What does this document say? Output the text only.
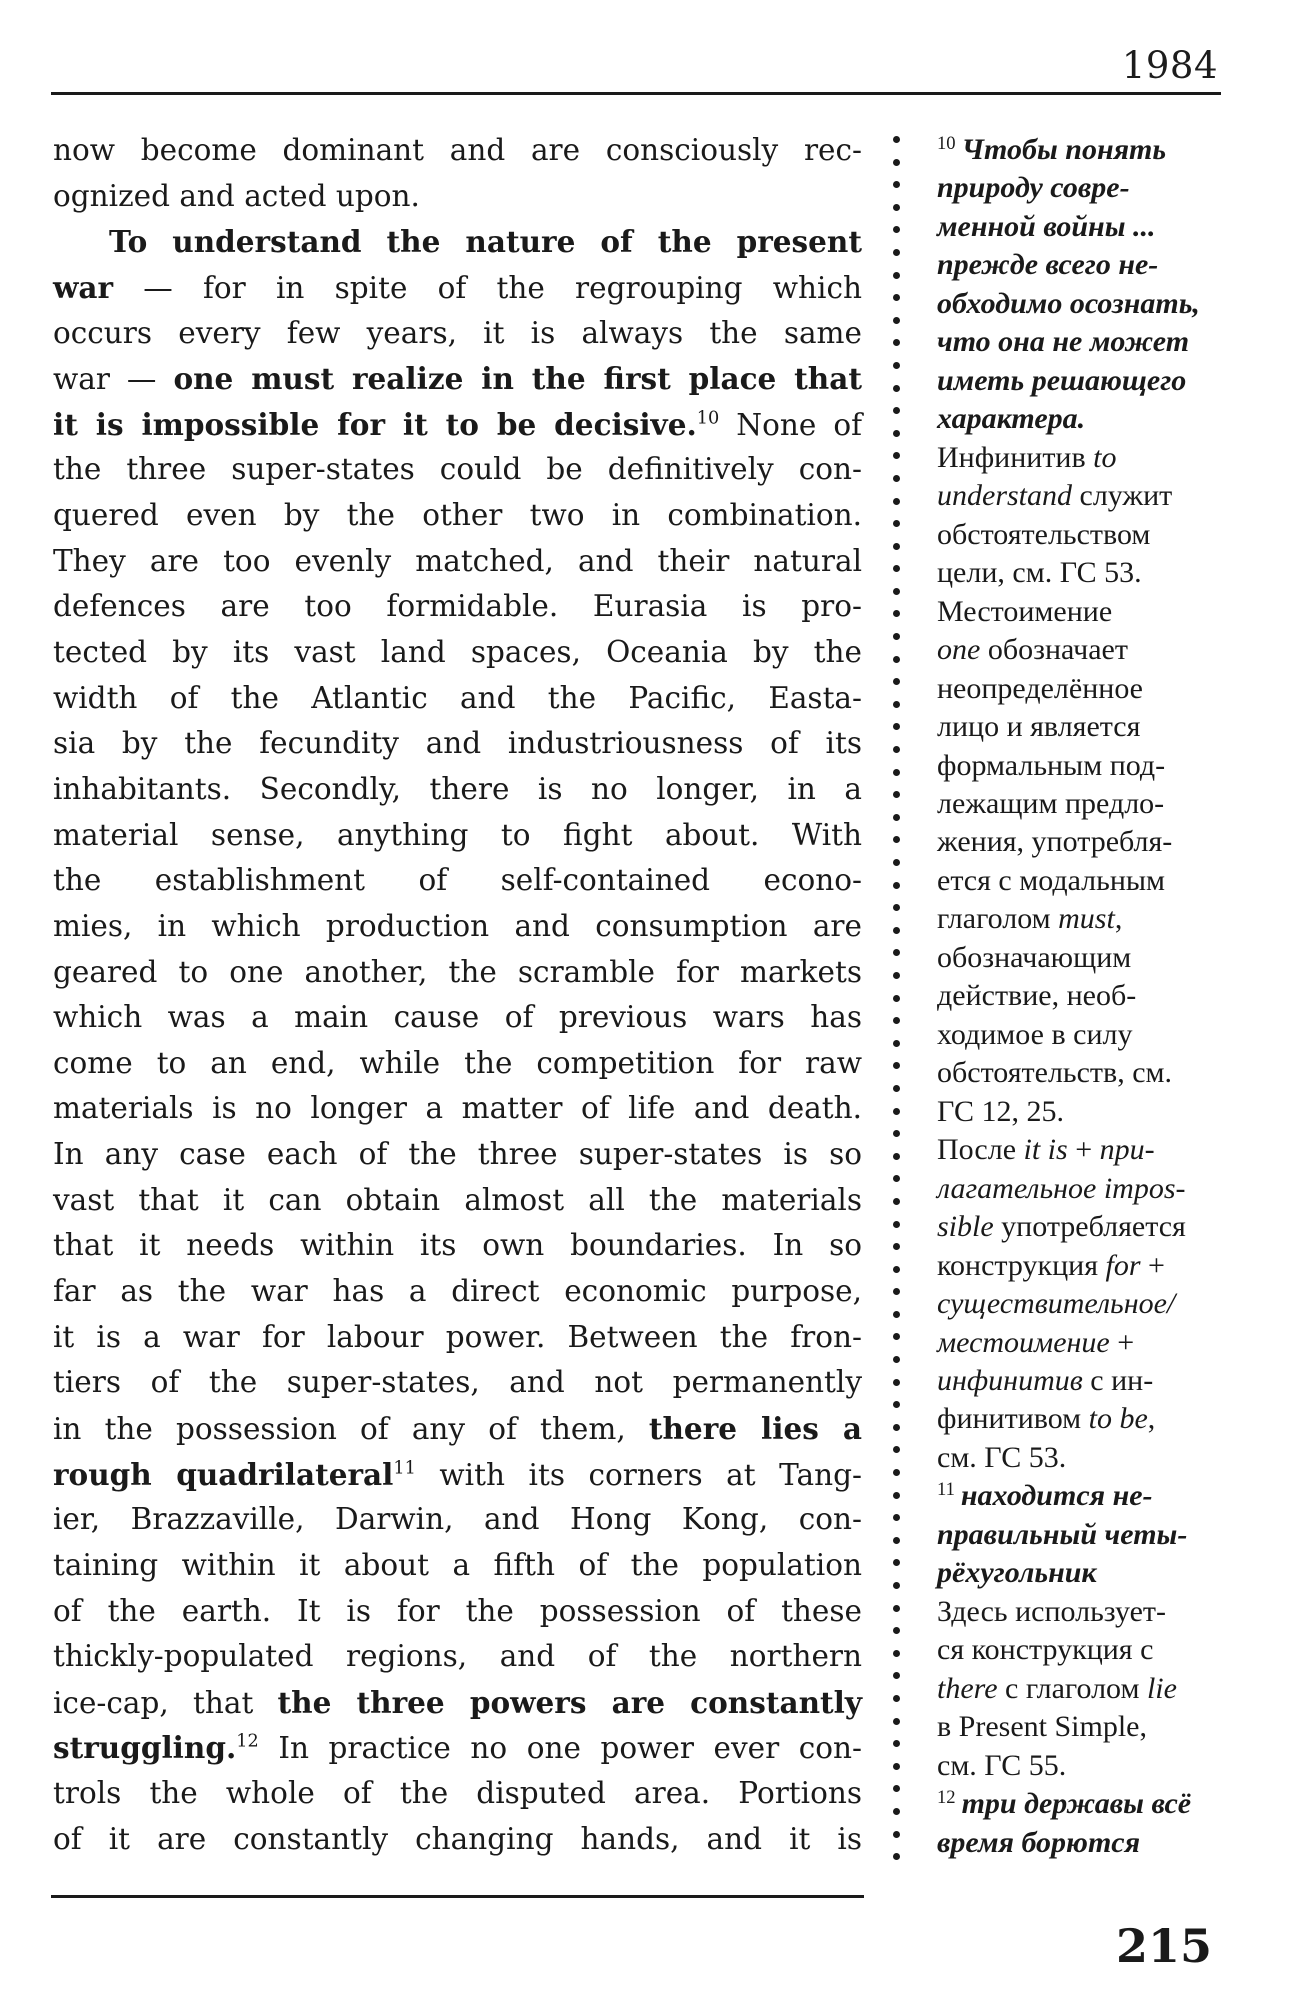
1984
now become dominant and are consciously rec-
ognized and acted upon.
To understand the nature of the present
war — for in spite of the regrouping which
occurs every few years, it is always the same
war — one must realize in the first place that
it is impossible for it to be decisive.$^{10}$ None of
the three super-states could be definitively con-
quered even by the other two in combination.
They are too evenly matched, and their natural
defences are too formidable. Eurasia is pro-
tected by its vast land spaces, Oceania by the
width of the Atlantic and the Pacific, Easta-
sia by the fecundity and industriousness of its
inhabitants. Secondly, there is no longer, in a
material sense, anything to fight about. With
the establishment of self-contained econo-
mies, in which production and consumption are
geared to one another, the scramble for markets
which was a main cause of previous wars has
come to an end, while the competition for raw
materials is no longer a matter of life and death.
In any case each of the three super-states is so
vast that it can obtain almost all the materials
that it needs within its own boundaries. In so
far as the war has a direct economic purpose,
it is a war for labour power. Between the fron-
tiers of the super-states, and not permanently
in the possession of any of them, there lies a
rough quadrilateral$^{11}$ with its corners at Tang-
ier, Brazzaville, Darwin, and Hong Kong, con-
taining within it about a fifth of the population
of the earth. It is for the possession of these
thickly-populated regions, and of the northern
ice-cap, that the three powers are constantly
struggling.$^{12}$ In practice no one power ever con-
trols the whole of the disputed area. Portions
of it are constantly changing hands, and it is
$^{10}$ Чтобы понять
природу совре-
менной войны ...
прежде всего не-
обходимо осознать,
что она не может
иметь решающего
характера.
Инфинитив to
understand служит
обстоятельством
цели, см. ГС 53.
Местоимение
one обозначает
неопределённое
лицо и является
формальным под-
лежащим предло-
жения, употребля-
ется с модальным
глаголом must,
обозначающим
действие, необ-
ходимое в силу
обстоятельств, см.
ГС 12, 25.
После it is + при-
лагательное impos-
sible употребляется
конструкция for +
существительное/
местоимение +
инфинитив с ин-
финитивом to be,
см. ГС 53.
$^{11}$ находится не-
правильный четы-
рёхугольник
Здесь использует-
ся конструкция с
there с глаголом lie
в Present Simple,
см. ГС 55.
$^{12}$ три державы всё
время борются
215
